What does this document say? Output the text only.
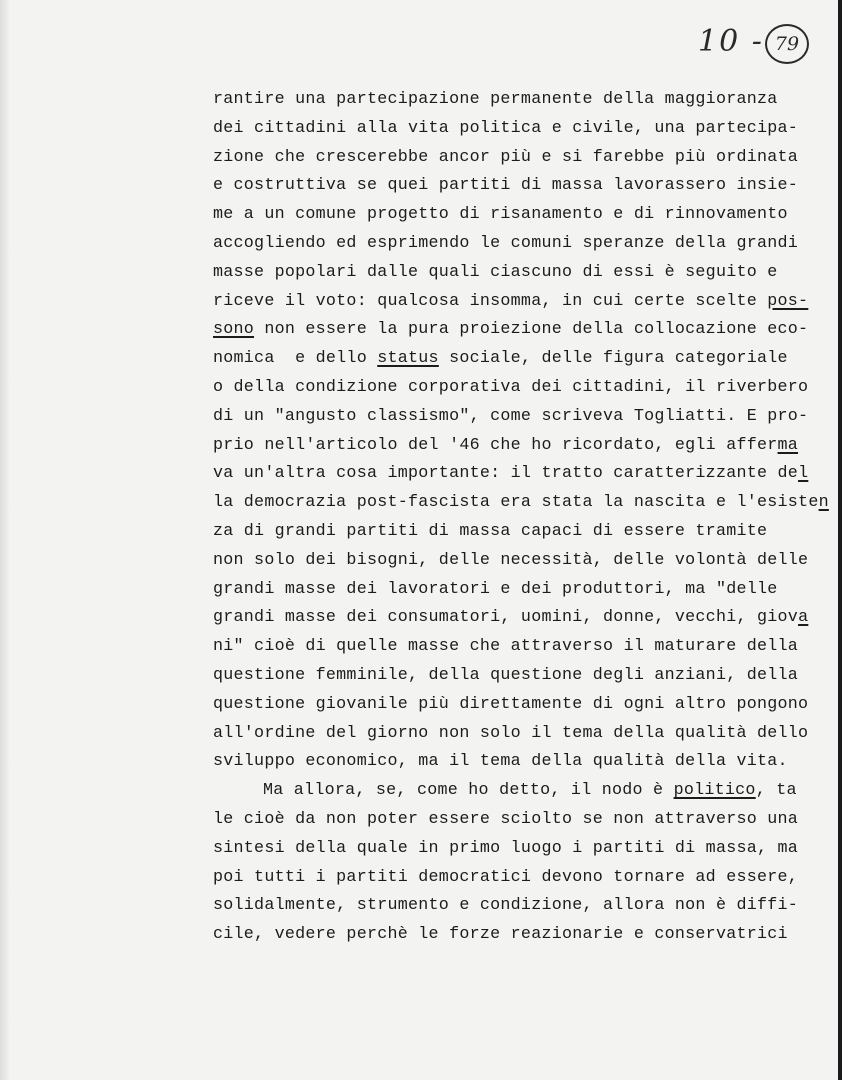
10 - 79
rantire una partecipazione permanente della maggioranza
dei cittadini alla vita politica e civile, una partecipa-
zione che crescerebbe ancor più e si farebbe più ordinata
e costruttiva se quei partiti di massa lavorassero insie-
me a un comune progetto di risanamento e di rinnovamento
accogliendo ed esprimendo le comuni speranze della grandi
masse popolari dalle quali ciascuno di essi è seguito e
riceve il voto: qualcosa insomma, in cui certe scelte pos-
sono non essere la pura proiezione della collocazione eco-
nomica  e dello status sociale, delle figura categoriale
o della condizione corporativa dei cittadini, il riverbero
di un "angusto classismo", come scriveva Togliatti. E pro-
prio nell'articolo del '46 che ho ricordato, egli afferma
va un'altra cosa importante: il tratto caratterizzante del
la democrazia post-fascista era stata la nascita e l'esisten
za di grandi partiti di massa capaci di essere tramite
non solo dei bisogni, delle necessità, delle volontà delle
grandi masse dei lavoratori e dei produttori, ma "delle
grandi masse dei consumatori, uomini, donne, vecchi, giova
ni" cioè di quelle masse che attraverso il maturare della
questione femminile, della questione degli anziani, della
questione giovanile più direttamente di ogni altro pongono
all'ordine del giorno non solo il tema della qualità dello
sviluppo economico, ma il tema della qualità della vita.
Ma allora, se, come ho detto, il nodo è politico, ta
le cioè da non poter essere sciolto se non attraverso una
sintesi della quale in primo luogo i partiti di massa, ma
poi tutti i partiti democratici devono tornare ad essere,
solidalmente, strumento e condizione, allora non è diffi-
cile, vedere perchè le forze reazionarie e conservatrici
